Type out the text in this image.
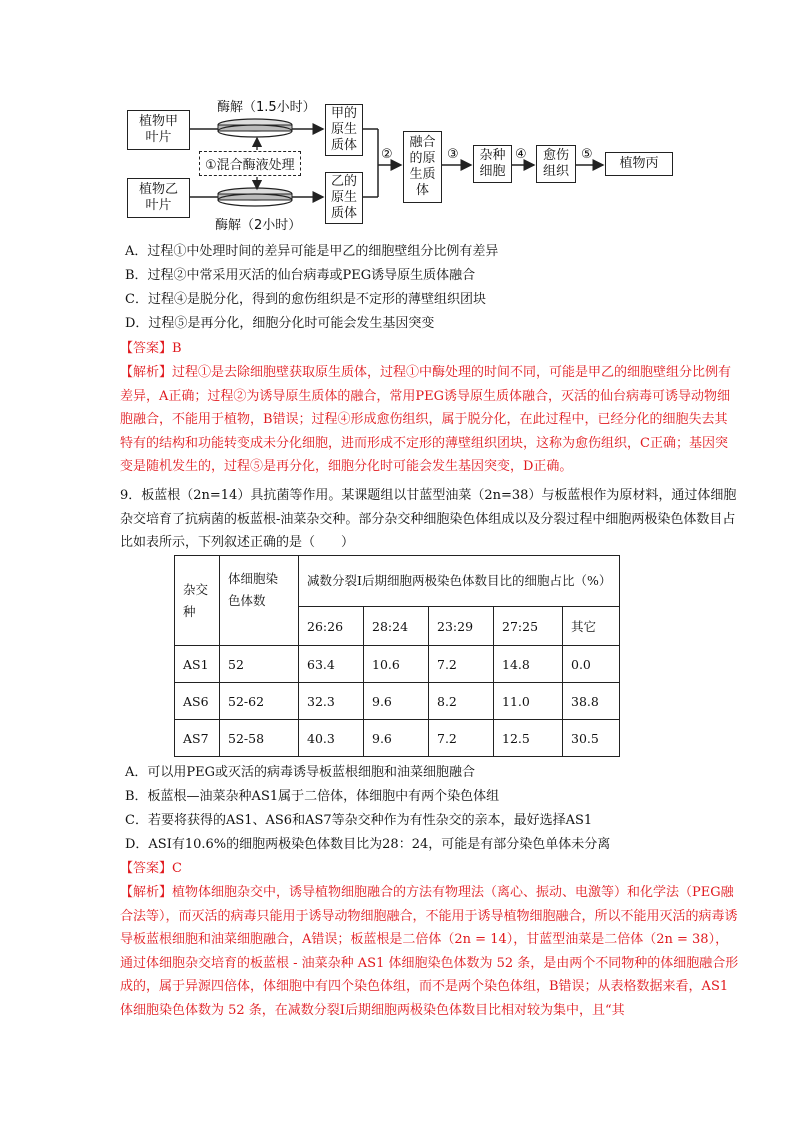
植物甲
叶片
植物乙
叶片
酶解（1.5小时）
①混合酶液处理
酶解（2小时）
甲的
原生
质体
乙的
原生
质体
②
融合
的原
生质
体
③ 杂种
细胞
④ 愈伤
组织
⑤
植物丙
A．过程①中处理时间的差异可能是甲乙的细胞壁组分比例有差异
B．过程②中常采用灭活的仙台病毒或PEG诱导原生质体融合
C．过程④是脱分化，得到的愈伤组织是不定形的薄壁组织团块
D．过程⑤是再分化，细胞分化时可能会发生基因突变
【答案】B
【解析】过程①是去除细胞壁获取原生质体，过程①中酶处理的时间不同，可能是甲乙的细胞壁组分比例有差异，A正确；过程②为诱导原生质体的融合，常用PEG诱导原生质体融合，灭活的仙台病毒可诱导动物细胞融合，不能用于植物，B错误；过程④形成愈伤组织，属于脱分化，在此过程中，已经分化的细胞失去其特有的结构和功能转变成未分化细胞，进而形成不定形的薄壁组织团块，这称为愈伤组织，C正确；基因突变是随机发生的，过程⑤是再分化，细胞分化时可能会发生基因突变，D正确。
9．板蓝根（2n=14）具抗菌等作用。某课题组以甘蓝型油菜（2n=38）与板蓝根作为原材料，通过体细胞杂交培育了抗病菌的板蓝根-油菜杂交种。部分杂交种细胞染色体组成以及分裂过程中细胞两极染色体数目占比如表所示，下列叙述正确的是（　　）
杂交种	体细胞染色体数	减数分裂Ⅰ后期细胞两极染色体数目比的细胞占比（%）				
		26:26	28:24	23:29	27:25	其它
AS1	52	63.4	10.6	7.2	14.8	0.0
AS6	52-62	32.3	9.6	8.2	11.0	38.8
AS7	52-58	40.3	9.6	7.2	12.5	30.5
A．可以用PEG或灭活的病毒诱导板蓝根细胞和油菜细胞融合
B．板蓝根—油菜杂种AS1属于二倍体，体细胞中有两个染色体组
C．若要将获得的AS1、AS6和AS7等杂交种作为有性杂交的亲本，最好选择AS1
D．ASI有10.6%的细胞两极染色体数目比为28：24，可能是有部分染色单体未分离
【答案】C
【解析】植物体细胞杂交中，诱导植物细胞融合的方法有物理法（离心、振动、电激等）和化学法（PEG融合法等），而灭活的病毒只能用于诱导动物细胞融合，不能用于诱导植物细胞融合，所以不能用灭活的病毒诱导板蓝根细胞和油菜细胞融合，A错误；板蓝根是二倍体（2n = 14），甘蓝型油菜是二倍体（2n = 38），通过体细胞杂交培育的板蓝根 - 油菜杂种 AS1 体细胞染色体数为 52 条，是由两个不同物种的体细胞融合形成的，属于异源四倍体，体细胞中有四个染色体组，而不是两个染色体组，B错误；从表格数据来看，AS1 体细胞染色体数为 52 条，在减数分裂Ⅰ后期细胞两极染色体数目比相对较为集中，且“其
